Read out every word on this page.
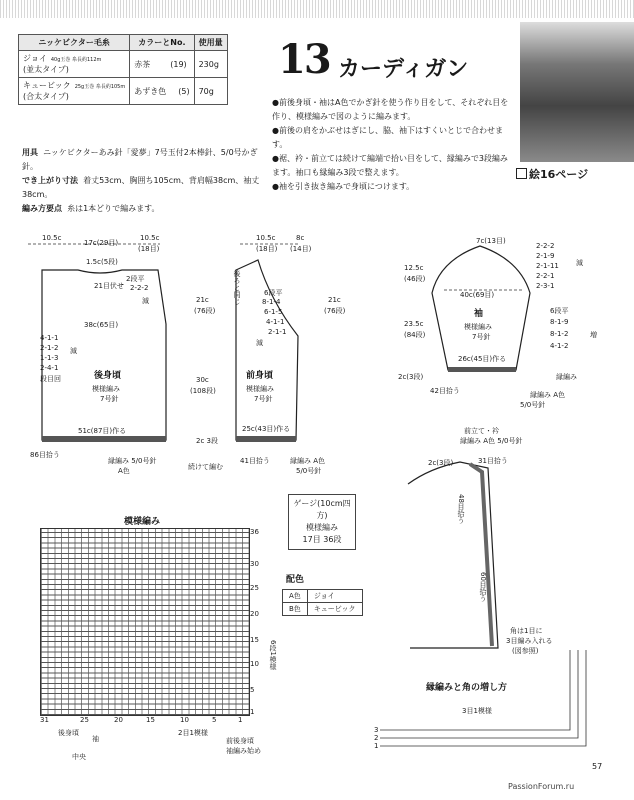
ニッケビクター毛糸	カラーとNo.	使用量
ジョイ 40g玉巻 糸長約112m
(並太タイプ)	赤茶 (19)	230g
キュービック 25g玉巻 糸長約105m
(合太タイプ)	あずき色 (5)	70g
13 カーディガン
●前後身頃・袖はA色でかぎ針を使う作り目をして、それぞれ目を作り、模様編みで図のように編みます。
●前後の肩をかぶせはぎにし、脇、袖下はすくいとじで合わせます。
●裾、衿・前立ては続けて編端で拾い目をして、縁編みで3段編みます。袖口も縁編み3段で整えます。
●袖を引き抜き編みで身頃につけます。
絵16ページ
用具 ニッケビクターあみ針「愛夢」7号玉付2本棒針、5/0号かぎ針。
でき上がり寸法 着丈53cm、胸囲ち105cm、背肩幅38cm、袖丈38cm。
編み方要点 糸は1本どりで編みます。
10.5c
17c(29目)
10.5c
(18目)
1.5c(5段)
21目伏せ
2段平
2-2-2
減
38c(65目)
4-1-1
2-1-2
1-1-3
2-4-1
段目回
減
21c
(76段)
30c
(108段)
後身頃
模様編み
7号針
51c(87目)作る
86目拾う
縁編み 5/0号針
A色
10.5c	8c
(18目) (14目)
後ろと同じ	6段平
8-1-4
6-1-5
4-1-1
2-1-1
減
21c
(76段)
前身頃
模様編み
7号針
25c(43目)作る
2c 3段
41目拾う
続けて編む
縁編み A色
5/0号針
7c(13目)
2-2-2
2-1-9
2-1-11
2-2-1
2-3-1
減
12.5c
(46段)
40c(69目)
23.5c
(84段)
6段平
8-1-9
8-1-2
4-1-2
増
袖
模様編み
7号針
26c(45目)作る
2c(3段)	縁編み
42目拾う	縁編み A色
5/0号針
前立て・衿
縁編み A色 5/0号針
2c(3段)	31目拾う
48目拾う
60目拾う
角は1目に
3目編み入れる
(図参照)
縁編みと角の増し方
3目1模様
3
2
1
模様編み
36
30
25
20
15
10
5
1
6段1模様
31	25	20	15	10	5	1
後身頃
袖
中央
2目1模様
前後身頃
袖編み始め
ゲージ(10cm四方)
模様編み
17目 36段
配色
A色	ジョイ
B色	キュービック
57
PassionForum.ru
